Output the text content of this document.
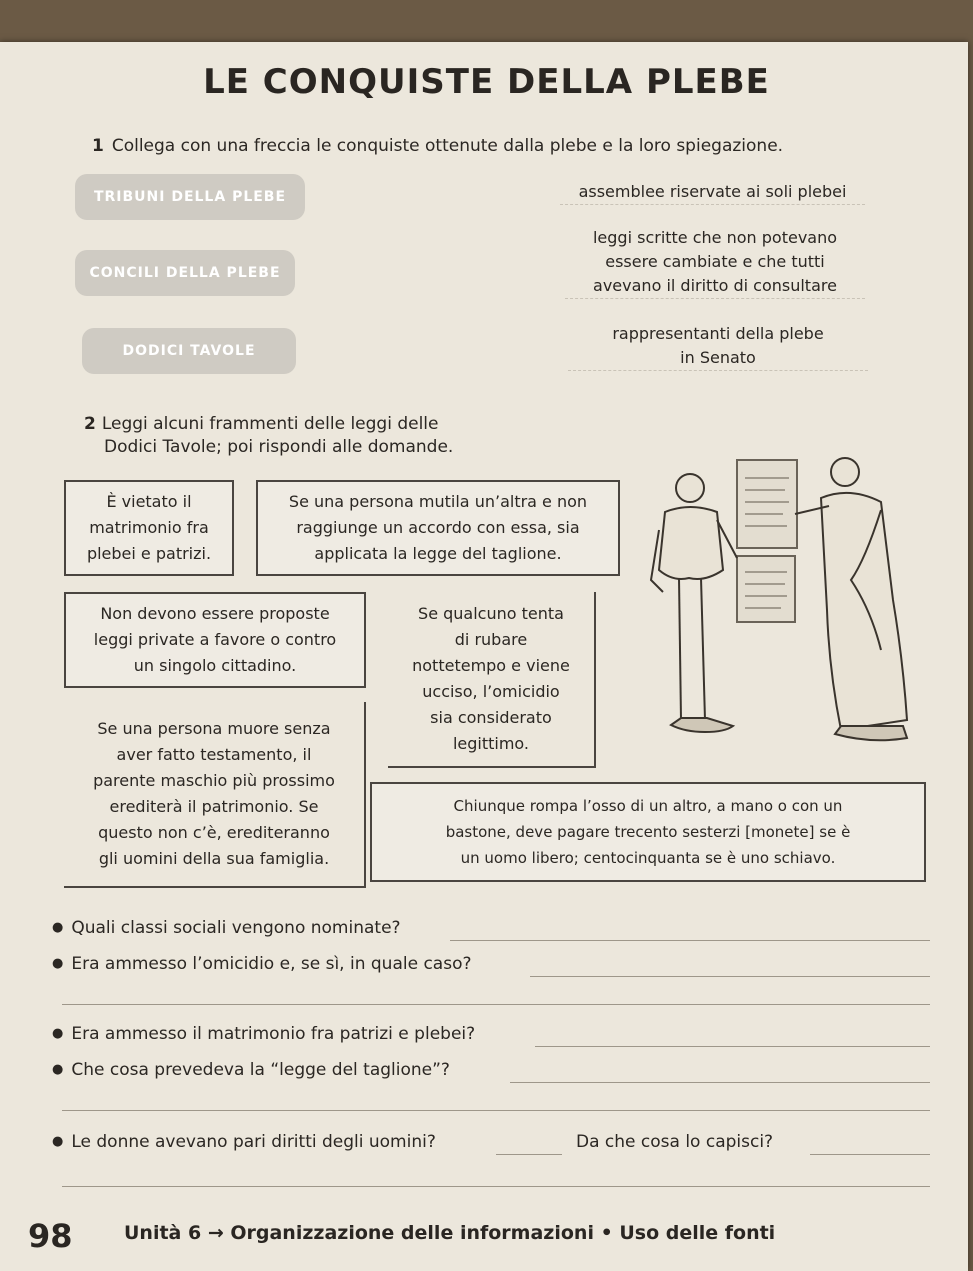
LE CONQUISTE DELLA PLEBE
1 Collega con una freccia le conquiste ottenute dalla plebe e la loro spiegazione.
TRIBUNI DELLA PLEBE
CONCILI DELLA PLEBE
DODICI TAVOLE
assemblee riservate ai soli plebei
leggi scritte che non potevano
essere cambiate e che tutti
avevano il diritto di consultare
rappresentanti della plebe
in Senato
2 Leggi alcuni frammenti delle leggi delle
Dodici Tavole; poi rispondi alle domande.
È vietato il
matrimonio fra
plebei e patrizi.
Se una persona mutila un’altra e non
raggiunge un accordo con essa, sia
applicata la legge del taglione.
Non devono essere proposte
leggi private a favore o contro
un singolo cittadino.
Se qualcuno tenta
di rubare
nottetempo e viene
ucciso, l’omicidio
sia considerato
legittimo.
Se una persona muore senza
aver fatto testamento, il
parente maschio più prossimo
erediterà il patrimonio. Se
questo non c’è, erediteranno
gli uomini della sua famiglia.
Chiunque rompa l’osso di un altro, a mano o con un
bastone, deve pagare trecento sesterzi [monete] se è
un uomo libero; centocinquanta se è uno schiavo.
● Quali classi sociali vengono nominate?
● Era ammesso l’omicidio e, se sì, in quale caso?
● Era ammesso il matrimonio fra patrizi e plebei?
● Che cosa prevedeva la “legge del taglione”?
● Le donne avevano pari diritti degli uomini?	Da che cosa lo capisci?
98	Unità 6 → Organizzazione delle informazioni • Uso delle fonti
